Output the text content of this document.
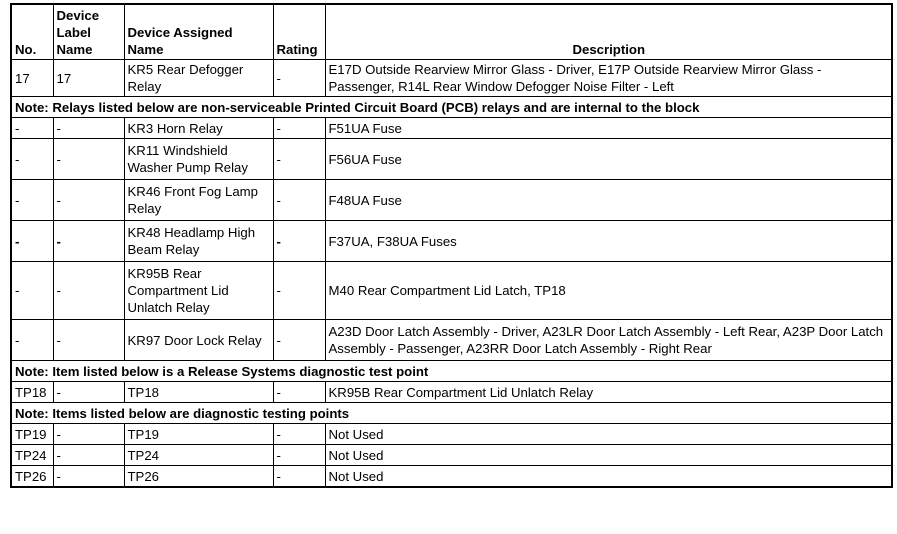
No.	Device Label Name	Device Assigned Name	Rating	Description
17	17	KR5 Rear Defogger Relay	-	E17D Outside Rearview Mirror Glass - Driver, E17P Outside Rearview Mirror Glass - Passenger, R14L Rear Window Defogger Noise Filter - Left
Note: Relays listed below are non-serviceable Printed Circuit Board (PCB) relays and are internal to the block				
-	-	KR3 Horn Relay	-	F51UA Fuse
-	-	KR11 Windshield Washer Pump Relay	-	F56UA Fuse
-	-	KR46 Front Fog Lamp Relay	-	F48UA Fuse
-	-	KR48 Headlamp High Beam Relay	-	F37UA, F38UA Fuses
-	-	KR95B Rear Compartment Lid Unlatch Relay	-	M40 Rear Compartment Lid Latch, TP18
-	-	KR97 Door Lock Relay	-	A23D Door Latch Assembly - Driver, A23LR Door Latch Assembly - Left Rear, A23P Door Latch Assembly - Passenger, A23RR Door Latch Assembly - Right Rear
Note: Item listed below is a Release Systems diagnostic test point				
TP18	-	TP18	-	KR95B Rear Compartment Lid Unlatch Relay
Note: Items listed below are diagnostic testing points				
TP19	-	TP19	-	Not Used
TP24	-	TP24	-	Not Used
TP26	-	TP26	-	Not Used
